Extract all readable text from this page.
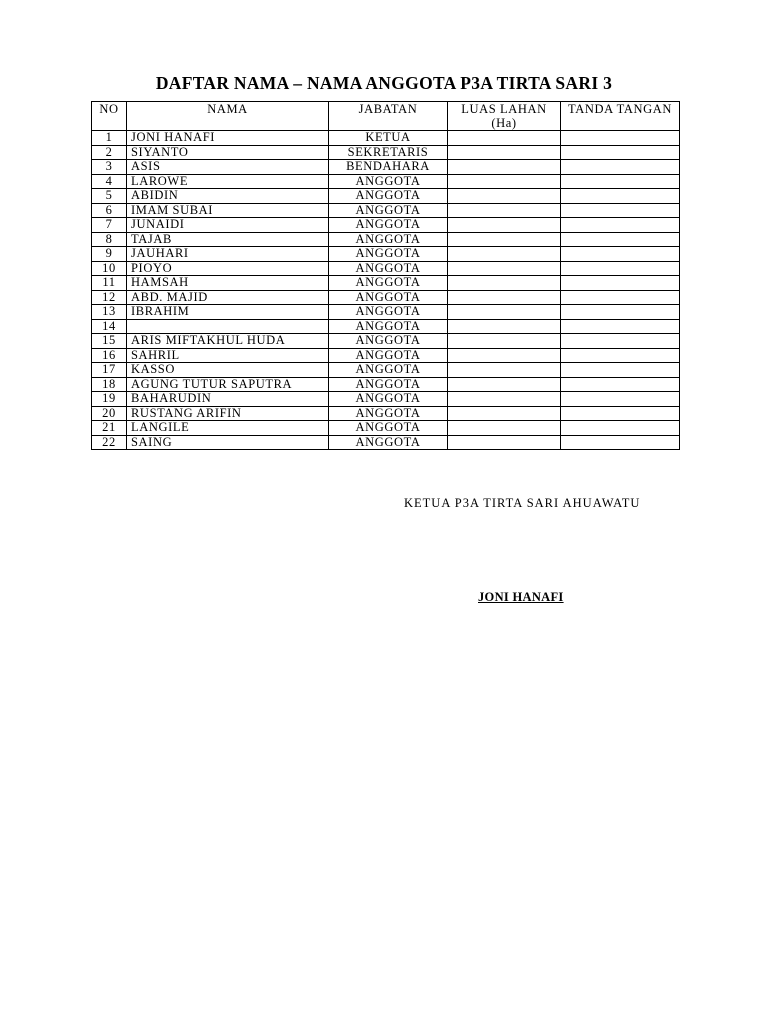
DAFTAR NAMA – NAMA ANGGOTA P3A TIRTA SARI 3
NO	NAMA	JABATAN	LUAS LAHAN (Ha)	TANDA TANGAN
1	JONI HANAFI	KETUA		
2	SIYANTO	SEKRETARIS		
3	ASIS	BENDAHARA		
4	LAROWE	ANGGOTA		
5	ABIDIN	ANGGOTA		
6	IMAM SUBAI	ANGGOTA		
7	JUNAIDI	ANGGOTA		
8	TAJAB	ANGGOTA		
9	JAUHARI	ANGGOTA		
10	PIOYO	ANGGOTA		
11	HAMSAH	ANGGOTA		
12	ABD. MAJID	ANGGOTA		
13	IBRAHIM	ANGGOTA		
14		ANGGOTA		
15	ARIS MIFTAKHUL HUDA	ANGGOTA		
16	SAHRIL	ANGGOTA		
17	KASSO	ANGGOTA		
18	AGUNG TUTUR SAPUTRA	ANGGOTA		
19	BAHARUDIN	ANGGOTA		
20	RUSTANG ARIFIN	ANGGOTA		
21	LANGILE	ANGGOTA		
22	SAING	ANGGOTA		
KETUA P3A TIRTA SARI AHUAWATU
JONI HANAFI
